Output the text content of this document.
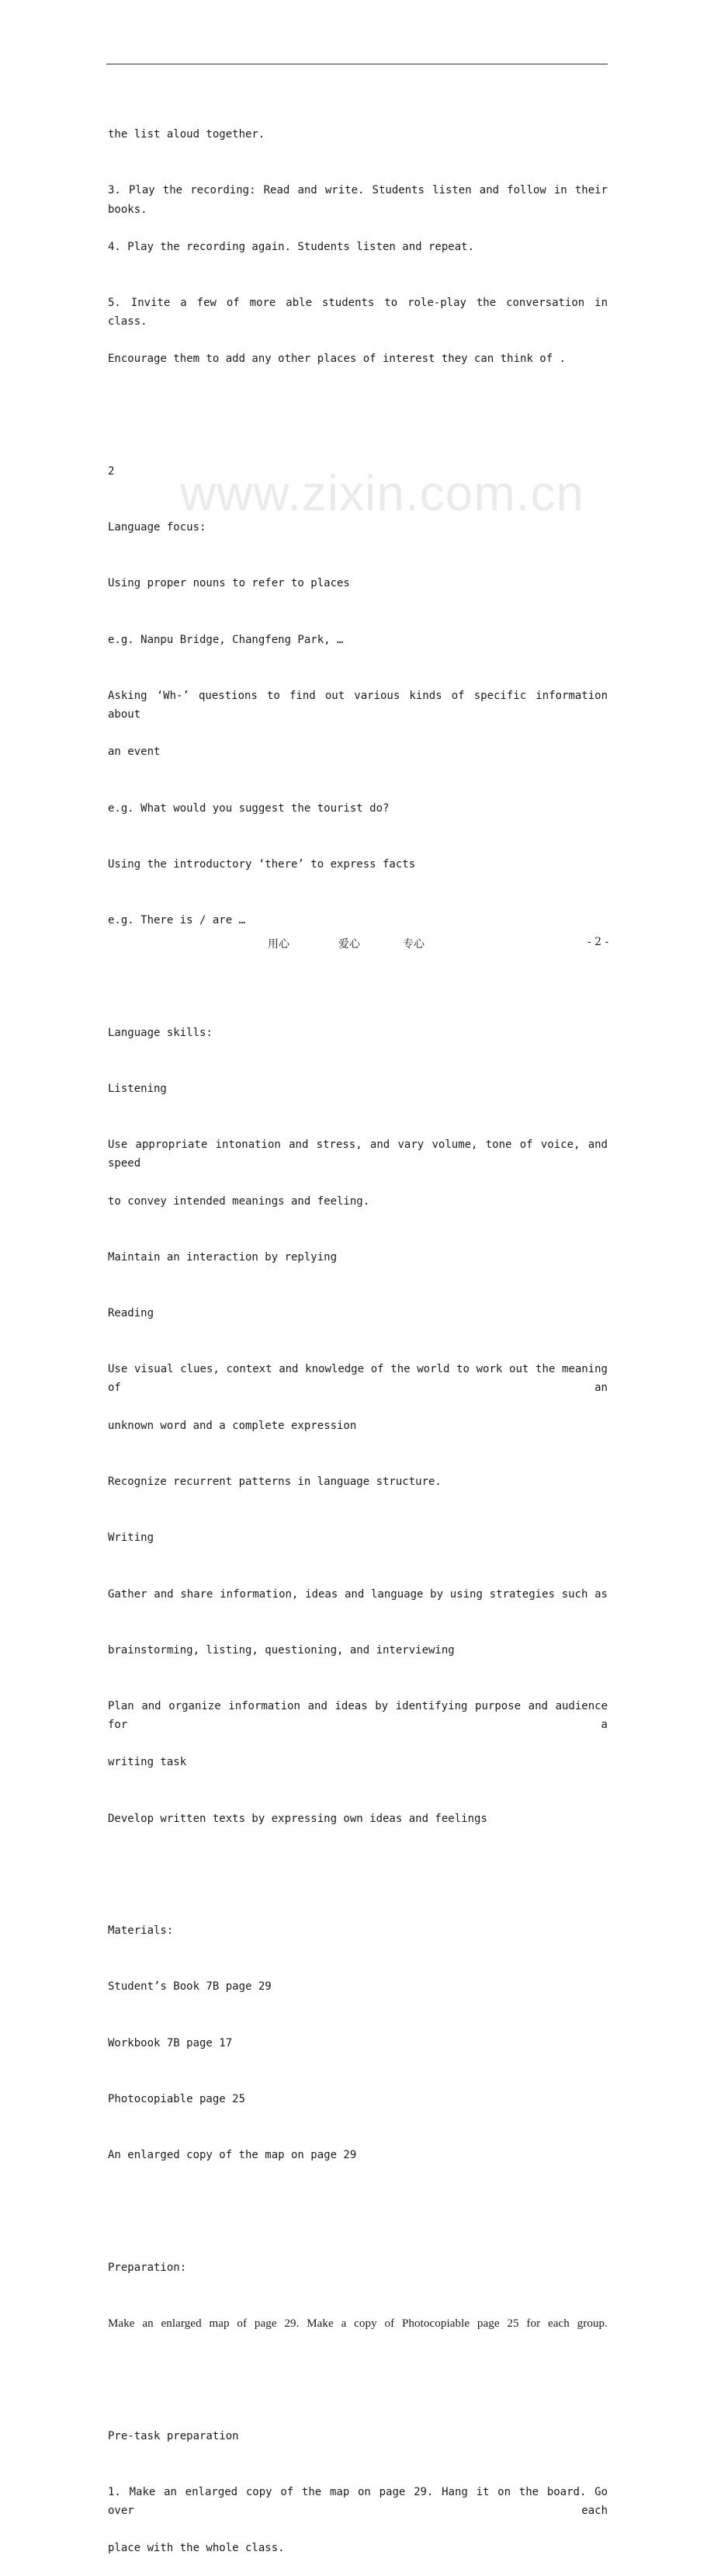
the list aloud together.

3. Play the recording: Read and write. Students listen and follow in their books.

4. Play the recording again. Students listen and repeat.

5. Invite a few of more able students to role-play the conversation in class.

Encourage them to add any other places of interest they can think of .

2

Language focus:

Using proper nouns to refer to places

e.g. Nanpu Bridge, Changfeng Park, …

Asking ‘Wh-’ questions to find out various kinds of specific information about

an event

e.g. What would you suggest the tourist do?

Using the introductory ‘there’ to express facts

e.g. There is / are …

Language skills:

Listening

Use appropriate intonation and stress, and vary volume, tone of voice, and speed

to convey intended meanings and feeling.

Maintain an interaction by replying

Reading

Use visual clues, context and knowledge of the world to work out the meaning of an

unknown word and a complete expression

Recognize recurrent patterns in language structure.

Writing

Gather and share information, ideas and language by using strategies such as

brainstorming, listing, questioning, and interviewing

Plan and organize information and ideas by identifying purpose and audience for a

writing task

Develop written texts by expressing own ideas and feelings

Materials:

Student’s Book 7B page 29

Workbook 7B page 17

Photocopiable page 25

An enlarged copy of the map on page 29

Preparation:

Make an enlarged map of page 29. Make a copy of Photocopiable page 25 for each group.

Pre-task preparation

1. Make an enlarged copy of the map on page 29. Hang it on the board. Go over each

place with the whole class.

www.zixin.com.cn
用心	爱心	专心	- 2 -
